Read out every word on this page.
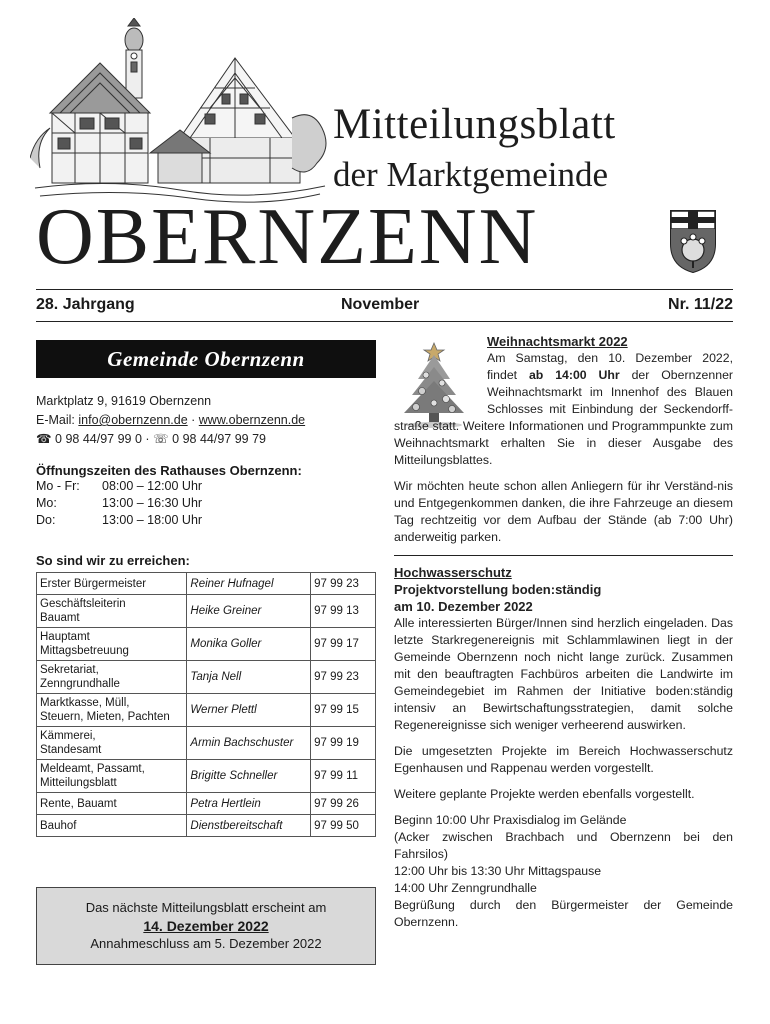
Mitteilungsblatt
der Marktgemeinde
OBERNZENN
28. Jahrgang	November	Nr. 11/22
Gemeinde Obernzenn
Marktplatz 9, 91619 Obernzenn
E-Mail: info@obernzenn.de · www.obernzenn.de
☎ 0 98 44/97 99 0 · ☏ 0 98 44/97 99 79
Öffnungszeiten des Rathauses Obernzenn:
Mo - Fr:	08:00 – 12:00 Uhr
Mo:	13:00 – 16:30 Uhr
Do:	13:00 – 18:00 Uhr
So sind wir zu erreichen:
Erster Bürgermeister	Reiner Hufnagel	97 99 23
Geschäftsleiterin
Bauamt	Heike Greiner	97 99 13
Hauptamt
Mittagsbetreuung	Monika Goller	97 99 17
Sekretariat,
Zenngrundhalle	Tanja Nell	97 99 23
Marktkasse, Müll,
Steuern, Mieten, Pachten	Werner Plettl	97 99 15
Kämmerei,
Standesamt	Armin Bachschuster	97 99 19
Meldeamt, Passamt,
Mitteilungsblatt	Brigitte Schneller	97 99 11
Rente, Bauamt	Petra Hertlein	97 99 26
Bauhof	Dienstbereitschaft	97 99 50
Das nächste Mitteilungsblatt erscheint am
14. Dezember 2022
Annahmeschluss am 5. Dezember 2022
Weihnachtsmarkt 2022

Am Samstag, den 10. Dezember 2022, findet ab 14:00 Uhr der Obernzenner Weihnachtsmarkt im Innenhof des Blauen Schlosses mit Einbindung der Seckendorff-straße statt. Weitere Informationen und Programmpunkte zum Weihnachtsmarkt erhalten Sie in dieser Ausgabe des Mitteilungsblattes.

Wir möchten heute schon allen Anliegern für ihr Verständ-nis und Entgegenkommen danken, die ihre Fahrzeuge an diesem Tag rechtzeitig vor dem Aufbau der Stände (ab 7:00 Uhr) anderweitig parken.

Hochwasserschutz
Projektvorstellung boden:ständig
am 10. Dezember 2022

Alle interessierten Bürger/Innen sind herzlich eingeladen. Das letzte Starkregenereignis mit Schlammlawinen liegt in der Gemeinde Obernzenn noch nicht lange zurück. Zusammen mit den beauftragten Fachbüros arbeiten die Landwirte im Gemeindegebiet im Rahmen der Initiative boden:ständig intensiv an Bewirtschaftungsstrategien, damit solche Regenereignisse sich weniger verheerend auswirken.

Die umgesetzten Projekte im Bereich Hochwasserschutz Egenhausen und Rappenau werden vorgestellt.

Weitere geplante Projekte werden ebenfalls vorgestellt.

Beginn 10:00 Uhr Praxisdialog im Gelände

(Acker zwischen Brachbach und Obernzenn bei den Fahrsilos)

12:00 Uhr bis 13:30 Uhr Mittagspause

14:00 Uhr Zenngrundhalle

Begrüßung durch den Bürgermeister der Gemeinde Obernzenn.
